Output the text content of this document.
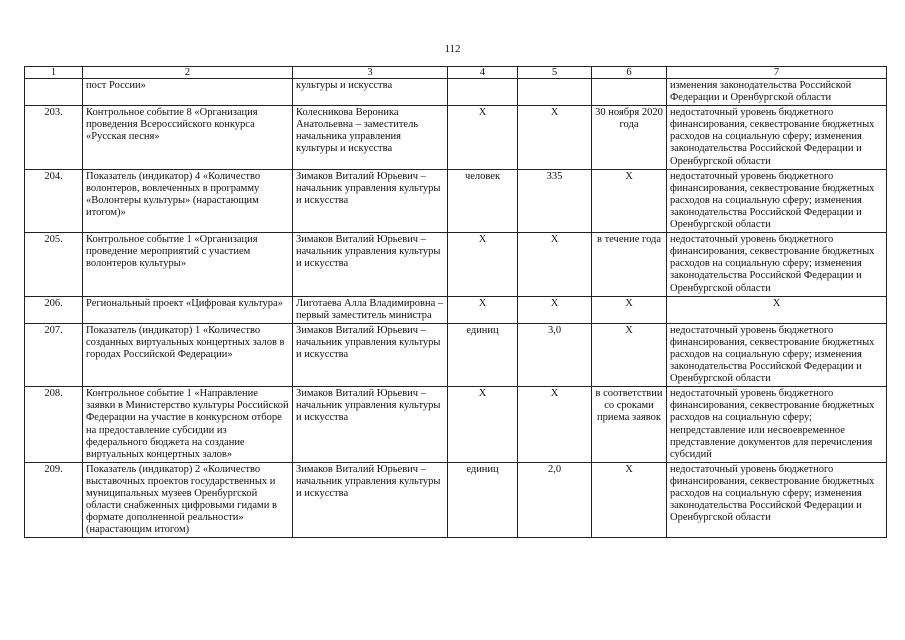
112
1	2	3	4	5	6	7
	пост России»	культуры и искусства				изменения законодательства Российской Федерации и Оренбургской области
203.	Контрольное событие 8 «Организация проведения Всероссийского конкурса «Русская песня»	Колесникова Вероника Анатольевна – заместитель начальника управления культуры и искусства	Х	Х	30 ноября 2020 года	недостаточный уровень бюджетного финансирования, секвестрование бюджетных расходов на социальную сферу; изменения законодательства Российской Федерации и Оренбургской области
204.	Показатель (индикатор) 4 «Количество волонтеров, вовлеченных в программу «Волонтеры культуры» (нарастающим итогом)»	Зимаков Виталий Юрьевич – начальник управления культуры и искусства	человек	335	Х	недостаточный уровень бюджетного финансирования, секвестрование бюджетных расходов на социальную сферу; изменения законодательства Российской Федерации и Оренбургской области
205.	Контрольное событие 1 «Организация проведение мероприятий с участием волонтеров культуры»	Зимаков Виталий Юрьевич – начальник управления культуры и искусства	Х	Х	в течение года	недостаточный уровень бюджетного финансирования, секвестрование бюджетных расходов на социальную сферу; изменения законодательства Российской Федерации и Оренбургской области
206.	Региональный проект «Цифровая культура»	Лиготаева Алла Владимировна – первый заместитель министра	Х	Х	Х	Х
207.	Показатель (индикатор) 1 «Количество созданных виртуальных концертных залов в городах Российской Федерации»	Зимаков Виталий Юрьевич – начальник управления культуры и искусства	единиц	3,0	Х	недостаточный уровень бюджетного финансирования, секвестрование бюджетных расходов на социальную сферу; изменения законодательства Российской Федерации и Оренбургской области
208.	Контрольное событие 1 «Направление заявки в Министерство культуры Российской Федерации на участие в конкурсном отборе на предоставление субсидии из федерального бюджета на создание виртуальных концертных залов»	Зимаков Виталий Юрьевич – начальник управления культуры и искусства	Х	Х	в соответствии со сроками приема заявок	недостаточный уровень бюджетного финансирования, секвестрование бюджетных расходов на социальную сферу; непредставление или несвоевременное представление документов для перечисления субсидий
209.	Показатель (индикатор) 2 «Количество выставочных проектов государственных и муниципальных музеев Оренбургской области снабженных цифровыми гидами в формате дополненной реальности» (нарастающим итогом)	Зимаков Виталий Юрьевич – начальник управления культуры и искусства	единиц	2,0	Х	недостаточный уровень бюджетного финансирования, секвестрование бюджетных расходов на социальную сферу; изменения законодательства Российской Федерации и Оренбургской области
